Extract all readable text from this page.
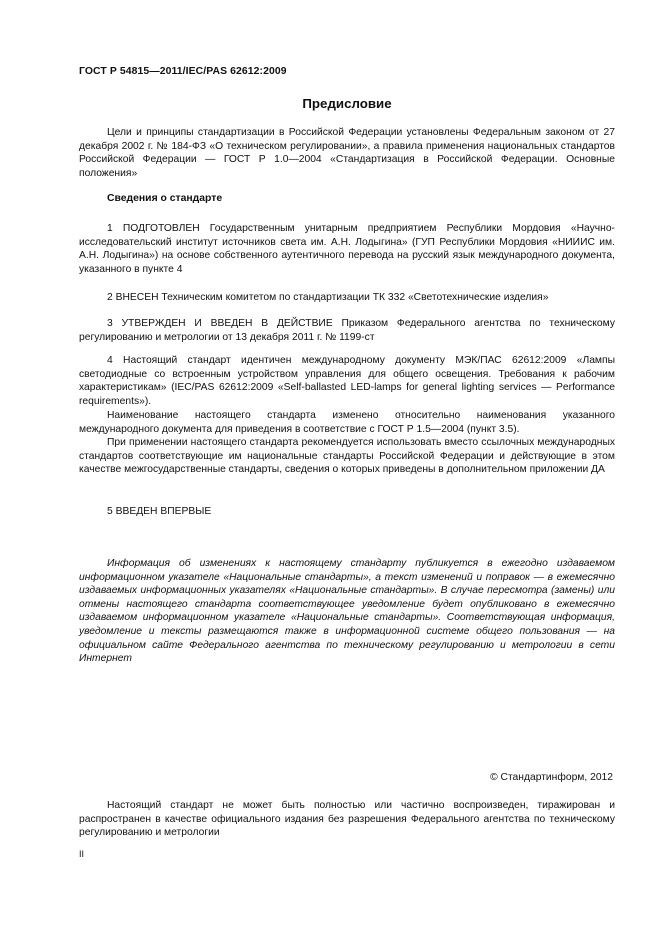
ГОСТ Р 54815—2011/IEC/PAS 62612:2009
Предисловие

Цели и принципы стандартизации в Российской Федерации установлены Федеральным законом от 27 декабря 2002 г. № 184-ФЗ «О техническом регулировании», а правила применения национальных стандартов Российской Федерации — ГОСТ Р 1.0—2004 «Стандартизация в Российской Федерации. Основные положения»

Сведения о стандарте

1 ПОДГОТОВЛЕН Государственным унитарным предприятием Республики Мордовия «Научно-исследовательский институт источников света им. А.Н. Лодыгина» (ГУП Республики Мордовия «НИИИС им. А.Н. Лодыгина») на основе собственного аутентичного перевода на русский язык международного документа, указанного в пункте 4

2 ВНЕСЕН Техническим комитетом по стандартизации ТК 332 «Светотехнические изделия»

3 УТВЕРЖДЕН И ВВЕДЕН В ДЕЙСТВИЕ Приказом Федерального агентства по техническому регулированию и метрологии от 13 декабря 2011 г. № 1199-ст

4 Настоящий стандарт идентичен международному документу МЭК/ПАС 62612:2009 «Лампы светодиодные со встроенным устройством управления для общего освещения. Требования к рабочим характеристикам» (IEC/PAS 62612:2009 «Self-ballasted LED-lamps for general lighting services — Performance requirements»).

Наименование настоящего стандарта изменено относительно наименования указанного международного документа для приведения в соответствие с ГОСТ Р 1.5—2004 (пункт 3.5).

При применении настоящего стандарта рекомендуется использовать вместо ссылочных международных стандартов соответствующие им национальные стандарты Российской Федерации и действующие в этом качестве межгосударственные стандарты, сведения о которых приведены в дополнительном приложении ДА

5 ВВЕДЕН ВПЕРВЫЕ

Информация об изменениях к настоящему стандарту публикуется в ежегодно издаваемом информационном указателе «Национальные стандарты», а текст изменений и поправок — в ежемесячно издаваемых информационных указателях «Национальные стандарты». В случае пересмотра (замены) или отмены настоящего стандарта соответствующее уведомление будет опубликовано в ежемесячно издаваемом информационном указателе «Национальные стандарты». Соответствующая информация, уведомление и тексты размещаются также в информационной системе общего пользования — на официальном сайте Федерального агентства по техническому регулированию и метрологии в сети Интернет

© Стандартинформ, 2012

Настоящий стандарт не может быть полностью или частично воспроизведен, тиражирован и распространен в качестве официального издания без разрешения Федерального агентства по техническому регулированию и метрологии

II
